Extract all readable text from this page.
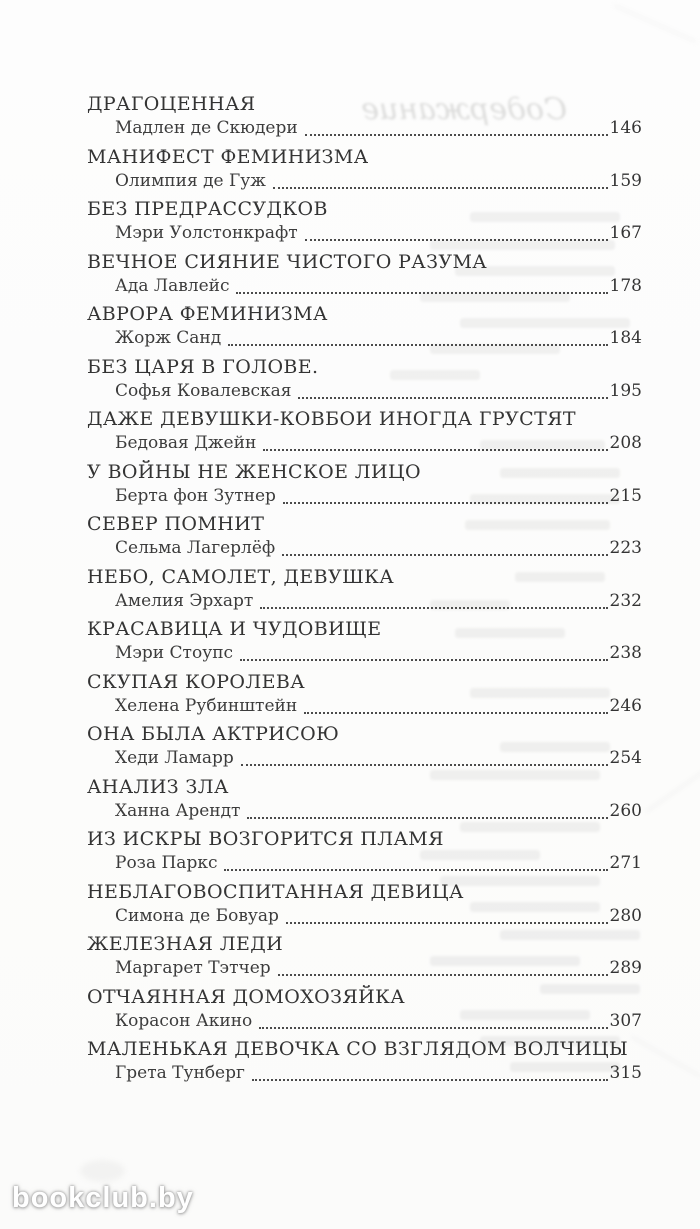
Содержание
ДРАГОЦЕННАЯ
Мадлен де Скюдери	146
МАНИФЕСТ ФЕМИНИЗМА
Олимпия де Гуж	159
БЕЗ ПРЕДРАССУДКОВ
Мэри Уолстонкрафт	167
ВЕЧНОЕ СИЯНИЕ ЧИСТОГО РАЗУМА
Ада Лавлейс	178
АВРОРА ФЕМИНИЗМА
Жорж Санд	184
БЕЗ ЦАРЯ В ГОЛОВЕ.
Софья Ковалевская	195
ДАЖЕ ДЕВУШКИ-КОВБОИ ИНОГДА ГРУСТЯТ
Бедовая Джейн	208
У ВОЙНЫ НЕ ЖЕНСКОЕ ЛИЦО
Берта фон Зутнер	215
СЕВЕР ПОМНИТ
Сельма Лагерлёф	223
НЕБО, САМОЛЕТ, ДЕВУШКА
Амелия Эрхарт	232
КРАСАВИЦА И ЧУДОВИЩЕ
Мэри Стоупс	238
СКУПАЯ КОРОЛЕВА
Хелена Рубинштейн	246
ОНА БЫЛА АКТРИСОЮ
Хеди Ламарр	254
АНАЛИЗ ЗЛА
Ханна Арендт	260
ИЗ ИСКРЫ ВОЗГОРИТСЯ ПЛАМЯ
Роза Паркс	271
НЕБЛАГОВОСПИТАННАЯ ДЕВИЦА
Симона де Бовуар	280
ЖЕЛЕЗНАЯ ЛЕДИ
Маргарет Тэтчер	289
ОТЧАЯННАЯ ДОМОХОЗЯЙКА
Корасон Акино	307
МАЛЕНЬКАЯ ДЕВОЧКА СО ВЗГЛЯДОМ ВОЛЧИЦЫ
Грета Тунберг	315
bookclub.by
